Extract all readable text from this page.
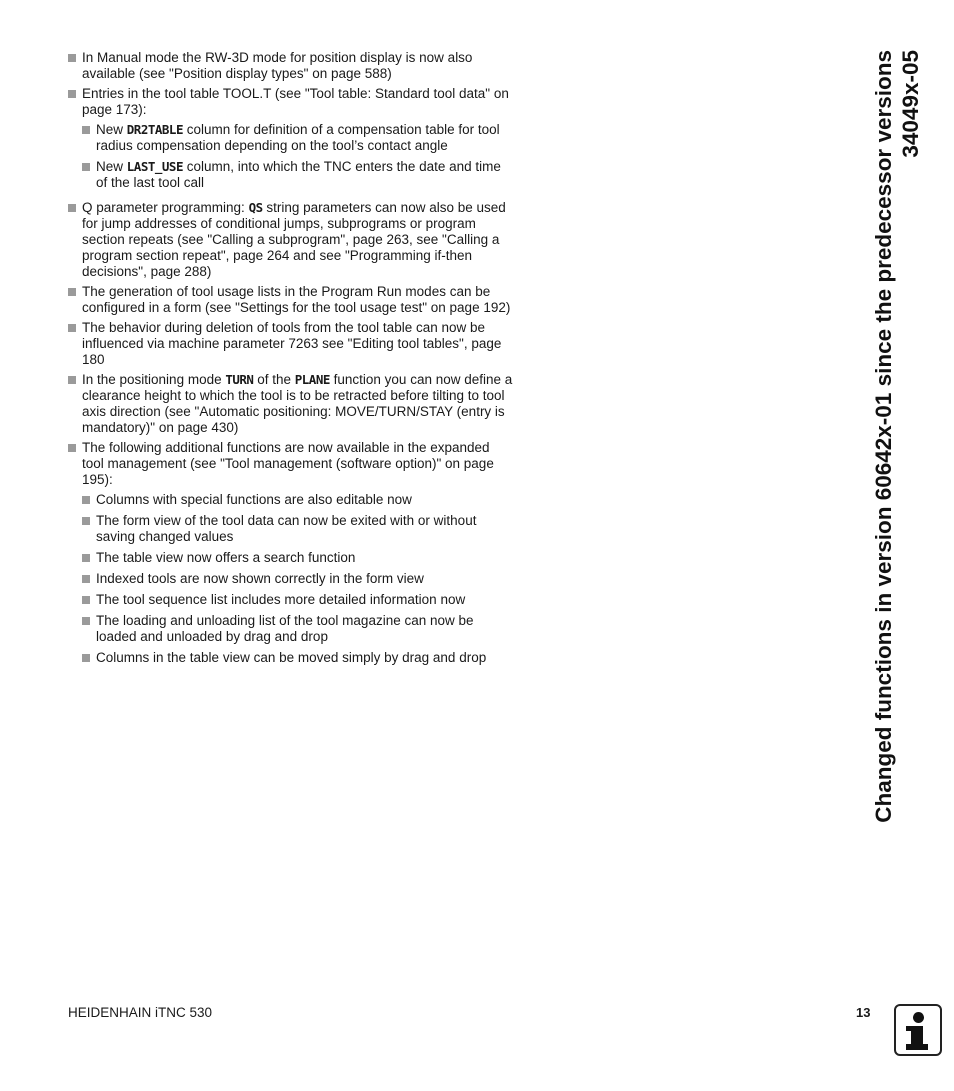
In Manual mode the RW-3D mode for position display is now also available (see "Position display types" on page 588)
Entries in the tool table TOOL.T (see "Tool table: Standard tool data" on page 173):
New DR2TABLE column for definition of a compensation table for tool radius compensation depending on the tool’s contact angle
New LAST_USE column, into which the TNC enters the date and time of the last tool call
Q parameter programming: QS string parameters can now also be used for jump addresses of conditional jumps, subprograms or program section repeats (see "Calling a subprogram", page 263, see "Calling a program section repeat", page 264 and see "Programming if-then decisions", page 288)
The generation of tool usage lists in the Program Run modes can be configured in a form (see "Settings for the tool usage test" on page 192)
The behavior during deletion of tools from the tool table can now be influenced via machine parameter 7263 see "Editing tool tables", page 180
In the positioning mode TURN of the PLANE function you can now define a clearance height to which the tool is to be retracted before tilting to tool axis direction (see "Automatic positioning: MOVE/TURN/STAY (entry is mandatory)" on page 430)
The following additional functions are now available in the expanded tool management (see "Tool management (software option)" on page 195):
Columns with special functions are also editable now
The form view of the tool data can now be exited with or without saving changed values
The table view now offers a search function
Indexed tools are now shown correctly in the form view
The tool sequence list includes more detailed information now
The loading and unloading list of the tool magazine can now be loaded and unloaded by drag and drop
Columns in the table view can be moved simply by drag and drop	Changed functions in version 60642x-01 since the predecessor versions 34049x-05
HEIDENHAIN iTNC 530	13
